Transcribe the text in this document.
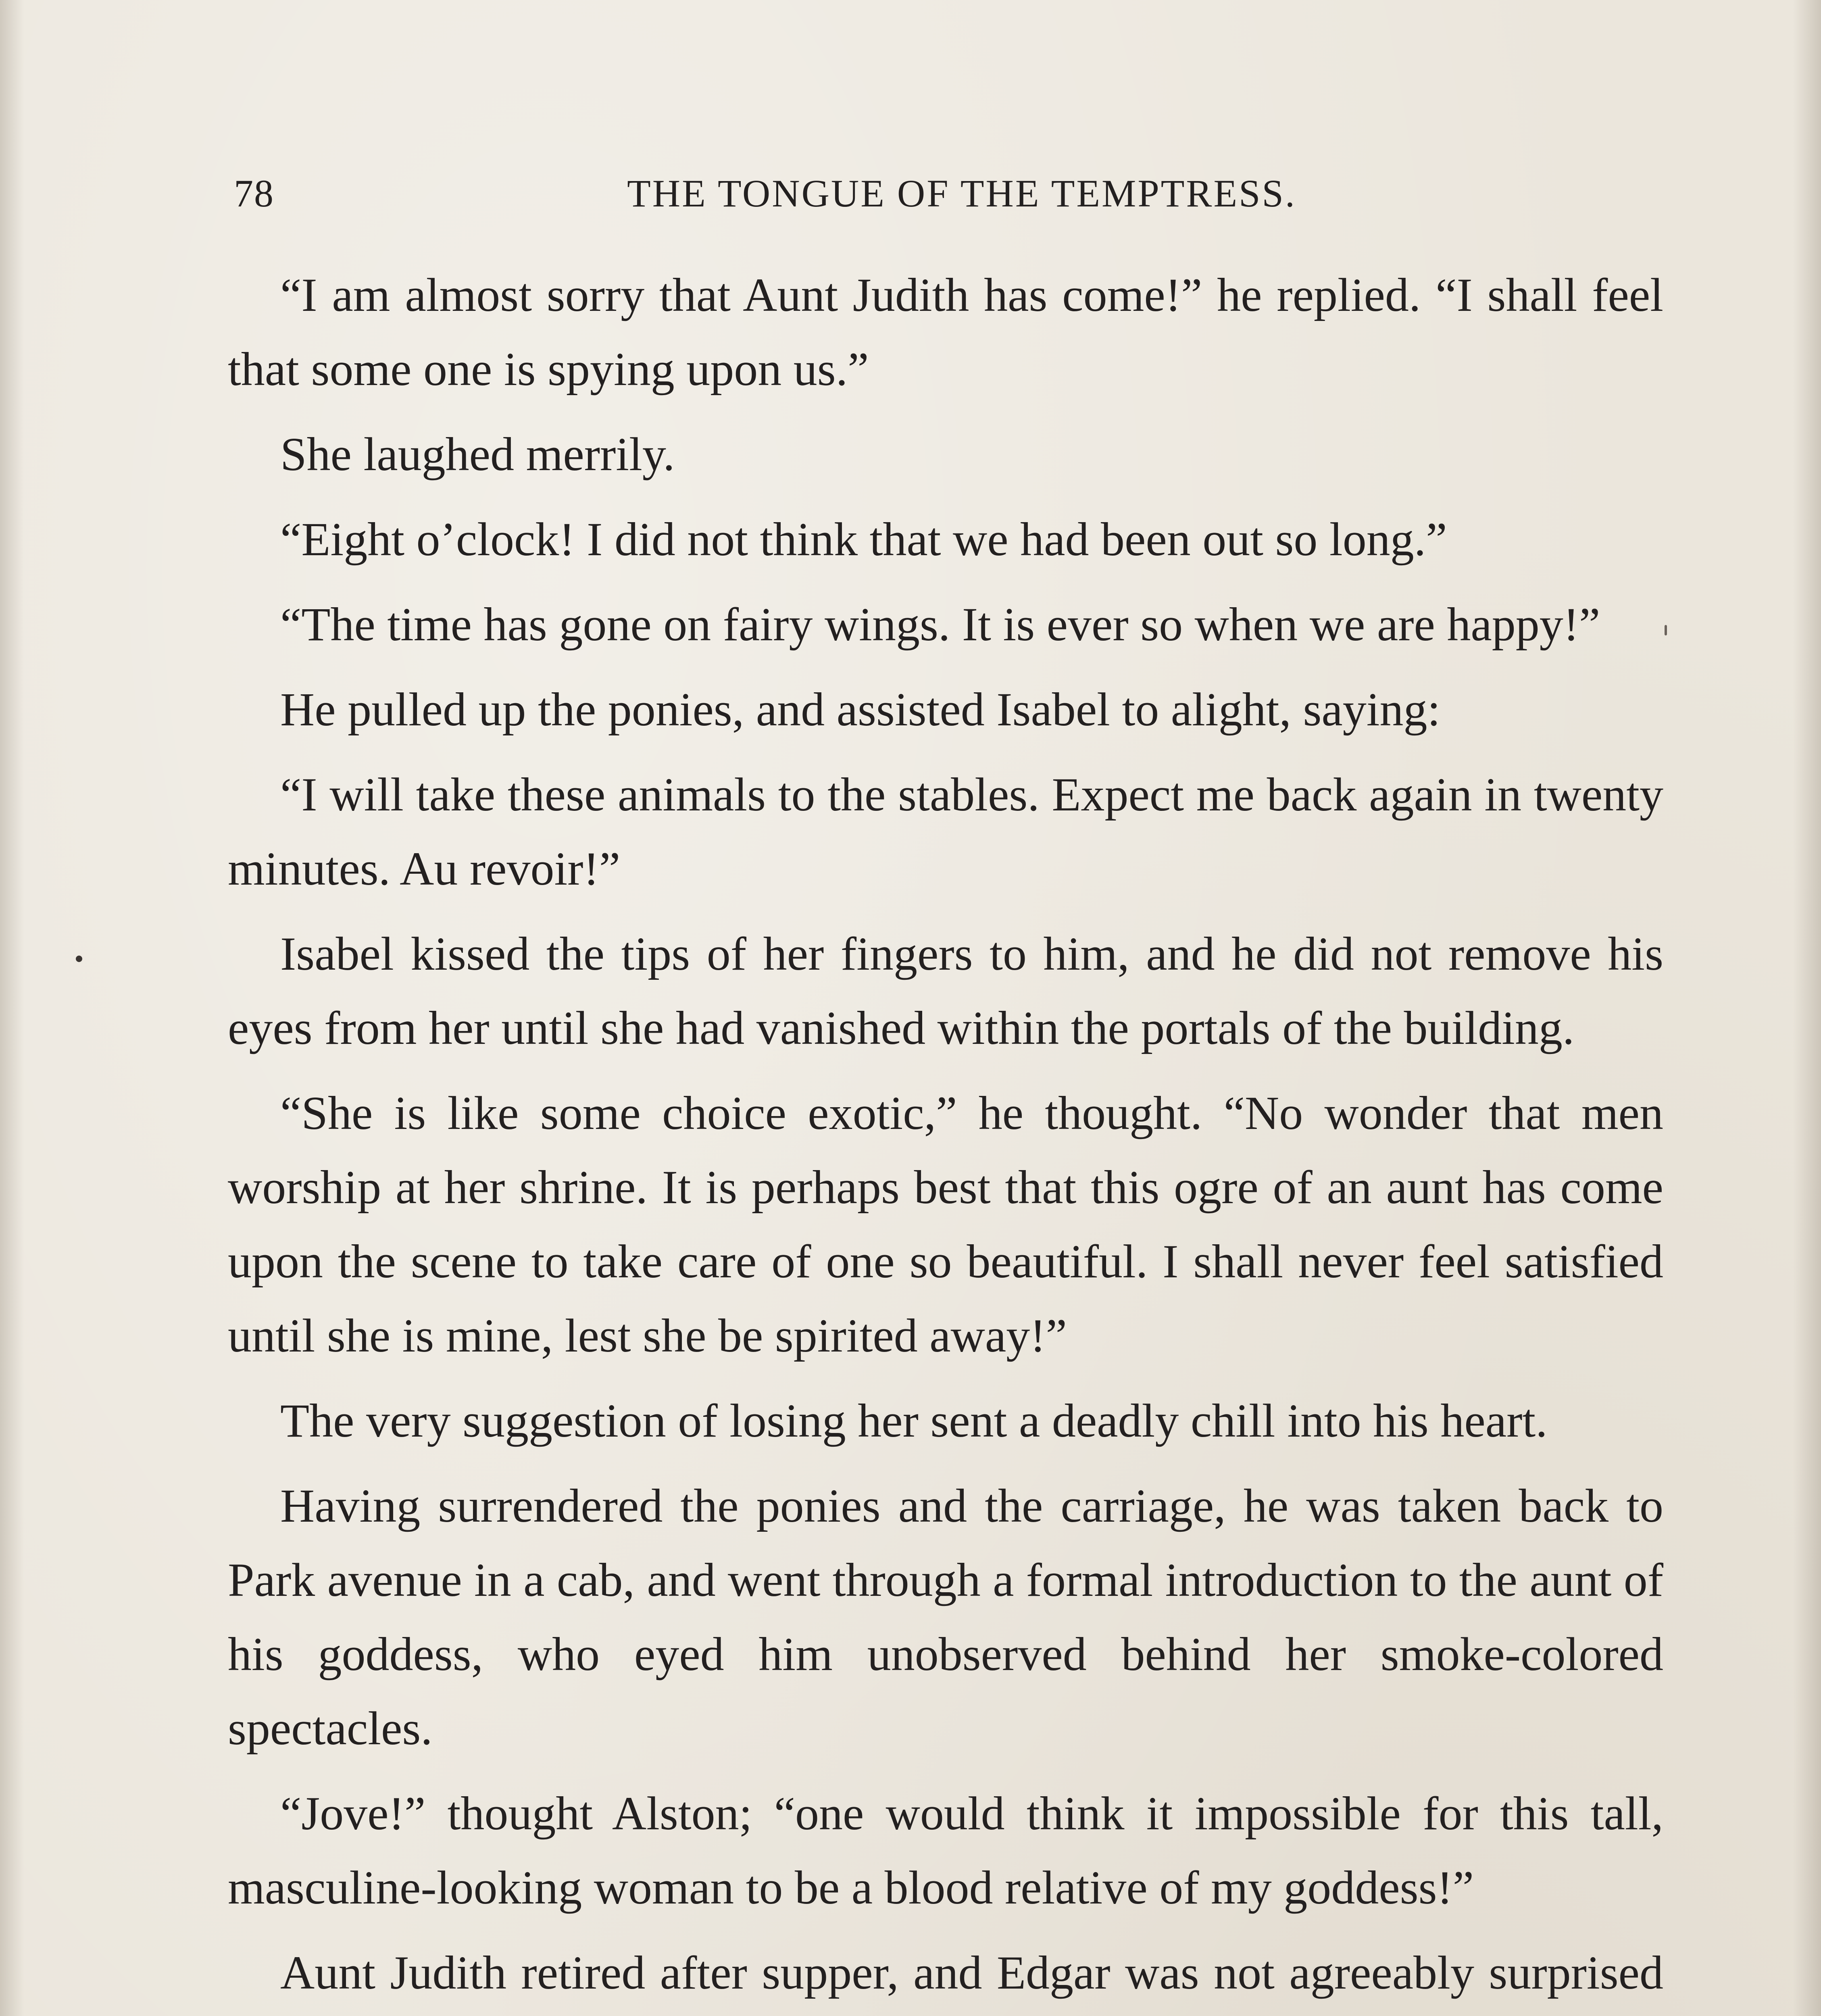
78	THE TONGUE OF THE TEMPTRESS.

“I am almost sorry that Aunt Judith has come!” he replied. “I shall feel that some one is spying upon us.”

She laughed merrily.

“Eight o’clock! I did not think that we had been out so long.”

“The time has gone on fairy wings. It is ever so when we are happy!”

He pulled up the ponies, and assisted Isabel to alight, saying:

“I will take these animals to the stables. Expect me back again in twenty minutes. Au revoir!”

Isabel kissed the tips of her fingers to him, and he did not remove his eyes from her until she had vanished within the portals of the building.

“She is like some choice exotic,” he thought. “No wonder that men worship at her shrine. It is perhaps best that this ogre of an aunt has come upon the scene to take care of one so beautiful. I shall never feel satisfied until she is mine, lest she be spirited away!”

The very suggestion of losing her sent a deadly chill into his heart.

Having surrendered the ponies and the carriage, he was taken back to Park avenue in a cab, and went through a formal introduction to the aunt of his goddess, who eyed him unobserved behind her smoke-colored spectacles.

“Jove!” thought Alston; “one would think it impossible for this tall, masculine-looking woman to be a blood relative of my goddess!”

Aunt Judith retired after supper, and Edgar was not agreeably surprised
